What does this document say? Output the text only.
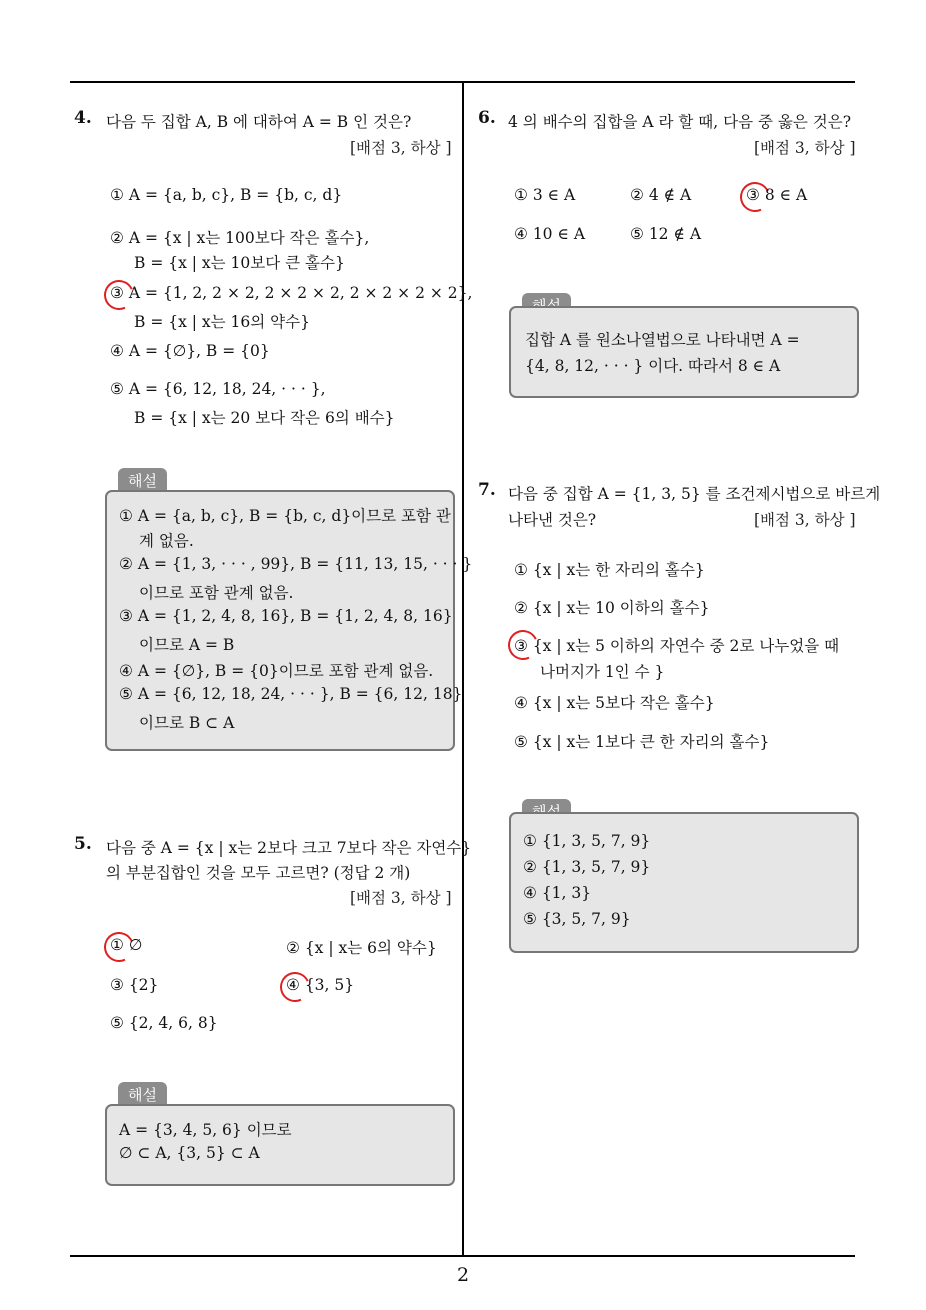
4. 다음 두 집합 A, B 에 대하여 A = B 인 것은?
[배점 3, 하상 ]
① A = {a, b, c}, B = {b, c, d}
② A = {x | x는 100보다 작은 홀수},
B = {x | x는 10보다 큰 홀수}
③ A = {1, 2, 2 × 2, 2 × 2 × 2, 2 × 2 × 2 × 2},
B = {x | x는 16의 약수}
④ A = {∅}, B = {0}
⑤ A = {6, 12, 18, 24, · · · },
B = {x | x는 20 보다 작은 6의 배수}
해설
① A = {a, b, c}, B = {b, c, d}이므로 포함 관
계 없음.
② A = {1, 3, · · · , 99}, B = {11, 13, 15, · · · }
이므로 포함 관계 없음.
③ A = {1, 2, 4, 8, 16}, B = {1, 2, 4, 8, 16}
이므로 A = B
④ A = {∅}, B = {0}이므로 포함 관계 없음.
⑤ A = {6, 12, 18, 24, · · · }, B = {6, 12, 18}
이므로 B ⊂ A
5. 다음 중 A = {x | x는 2보다 크고 7보다 작은 자연수}
의 부분집합인 것을 모두 고르면? (정답 2 개)
[배점 3, 하상 ]
① ∅	② {x | x는 6의 약수}
③ {2}	④ {3, 5}
⑤ {2, 4, 6, 8}
해설
A = {3, 4, 5, 6} 이므로
∅ ⊂ A, {3, 5} ⊂ A
6. 4 의 배수의 집합을 A 라 할 때, 다음 중 옳은 것은?
[배점 3, 하상 ]
① 3 ∈ A	② 4 ∉ A	③ 8 ∈ A
④ 10 ∈ A	⑤ 12 ∉ A
집합 A 를 원소나열법으로 나타내면 A =
{4, 8, 12, · · · } 이다. 따라서 8 ∈ A
7. 다음 중 집합 A = {1, 3, 5} 를 조건제시법으로 바르게
나타낸 것은?	[배점 3, 하상 ]
① {x | x는 한 자리의 홀수}
② {x | x는 10 이하의 홀수}
③ {x | x는 5 이하의 자연수 중 2로 나누었을 때
나머지가 1인 수 }
④ {x | x는 5보다 작은 홀수}
⑤ {x | x는 1보다 큰 한 자리의 홀수}
① {1, 3, 5, 7, 9}
② {1, 3, 5, 7, 9}
④ {1, 3}
⑤ {3, 5, 7, 9}
2
